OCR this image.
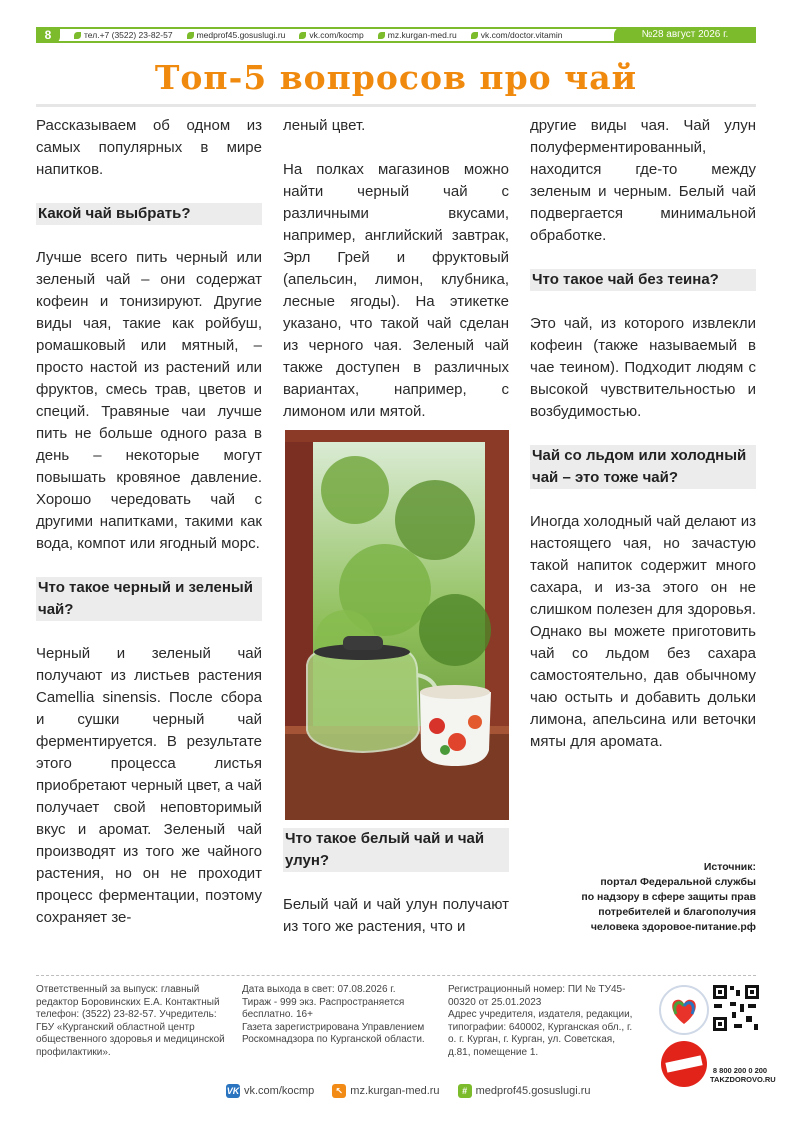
8	тел.+7 (3522) 23-82-57	medprof45.gosuslugi.ru	vk.com/kocmp	mz.kurgan-med.ru	vk.com/doctor.vitamin	№28 август 2026 г.
Топ-5 вопросов про чай

Рассказываем об одном из самых популярных в мире напитков.

Какой чай выбрать?

Лучше всего пить черный или зеленый чай – они содержат кофеин и тонизируют. Другие виды чая, такие как ройбуш, ромашковый или мятный, – просто настой из растений или фруктов, смесь трав, цветов и специй. Травяные чаи лучше пить не больше одного раза в день – некоторые могут повышать кровяное давление. Хорошо чередовать чай с другими напитками, такими как вода, компот или ягодный морс.

Что такое черный и зеленый чай?

Черный и зеленый чай получают из листьев растения Camellia sinensis. После сбора и сушки черный чай ферментируется. В результате этого процесса листья приобретают черный цвет, а чай получает свой неповторимый вкус и аромат. Зеленый чай производят из того же чайного растения, но он не проходит процесс ферментации, поэтому сохраняет зе-

леный цвет.

На полках магазинов можно найти черный чай с различными вкусами, например, английский завтрак, Эрл Грей и фруктовый (апельсин, лимон, клубника, лесные ягоды). На этикетке указано, что такой чай сделан из черного чая. Зеленый чай также доступен в различных вариантах, например, с лимоном или мятой.

Что такое белый чай и чай улун?

Белый чай и чай улун получают из того же растения, что и

другие виды чая. Чай улун полуферментированный, находится где-то между зеленым и черным. Белый чай подвергается минимальной обработке.

Что такое чай без теина?

Это чай, из которого извлекли кофеин (также называемый в чае теином). Подходит людям с высокой чувствительностью и возбудимостью.

Чай со льдом или холодный чай – это тоже чай?

Иногда холодный чай делают из настоящего чая, но зачастую такой напиток содержит много сахара, и из-за этого он не слишком полезен для здоровья. Однако вы можете приготовить чай со льдом без сахара самостоятельно, дав обычному чаю остыть и добавить дольки лимона, апельсина или веточки мяты для аромата.

Источник:
портал Федеральной службы
по надзору в сфере защиты прав
потребителей и благополучия
человека здоровое-питание.рф
Ответственный за выпуск: главный редактор Боровинских Е.А. Контактный телефон: (3522) 23-82-57. Учредитель: ГБУ «Курганский областной центр общественного здоровья и медицинской профилактики».
Дата выхода в свет: 07.08.2026 г.
Тираж - 999 экз. Распространяется бесплатно. 16+
Газета зарегистрирована Управлением Роскомнадзора по Курганской области.
Регистрационный номер: ПИ № ТУ45-00320 от 25.01.2023
Адрес учредителя, издателя, редакции, типографии: 640002, Курганская обл., г. о. г. Курган, г. Курган, ул. Советская, д.81, помещение 1.
VK vk.com/kocmp	↖ mz.kurgan-med.ru	# medprof45.gosuslugi.ru
8 800 200 0 200
TAKZDOROVO.RU
